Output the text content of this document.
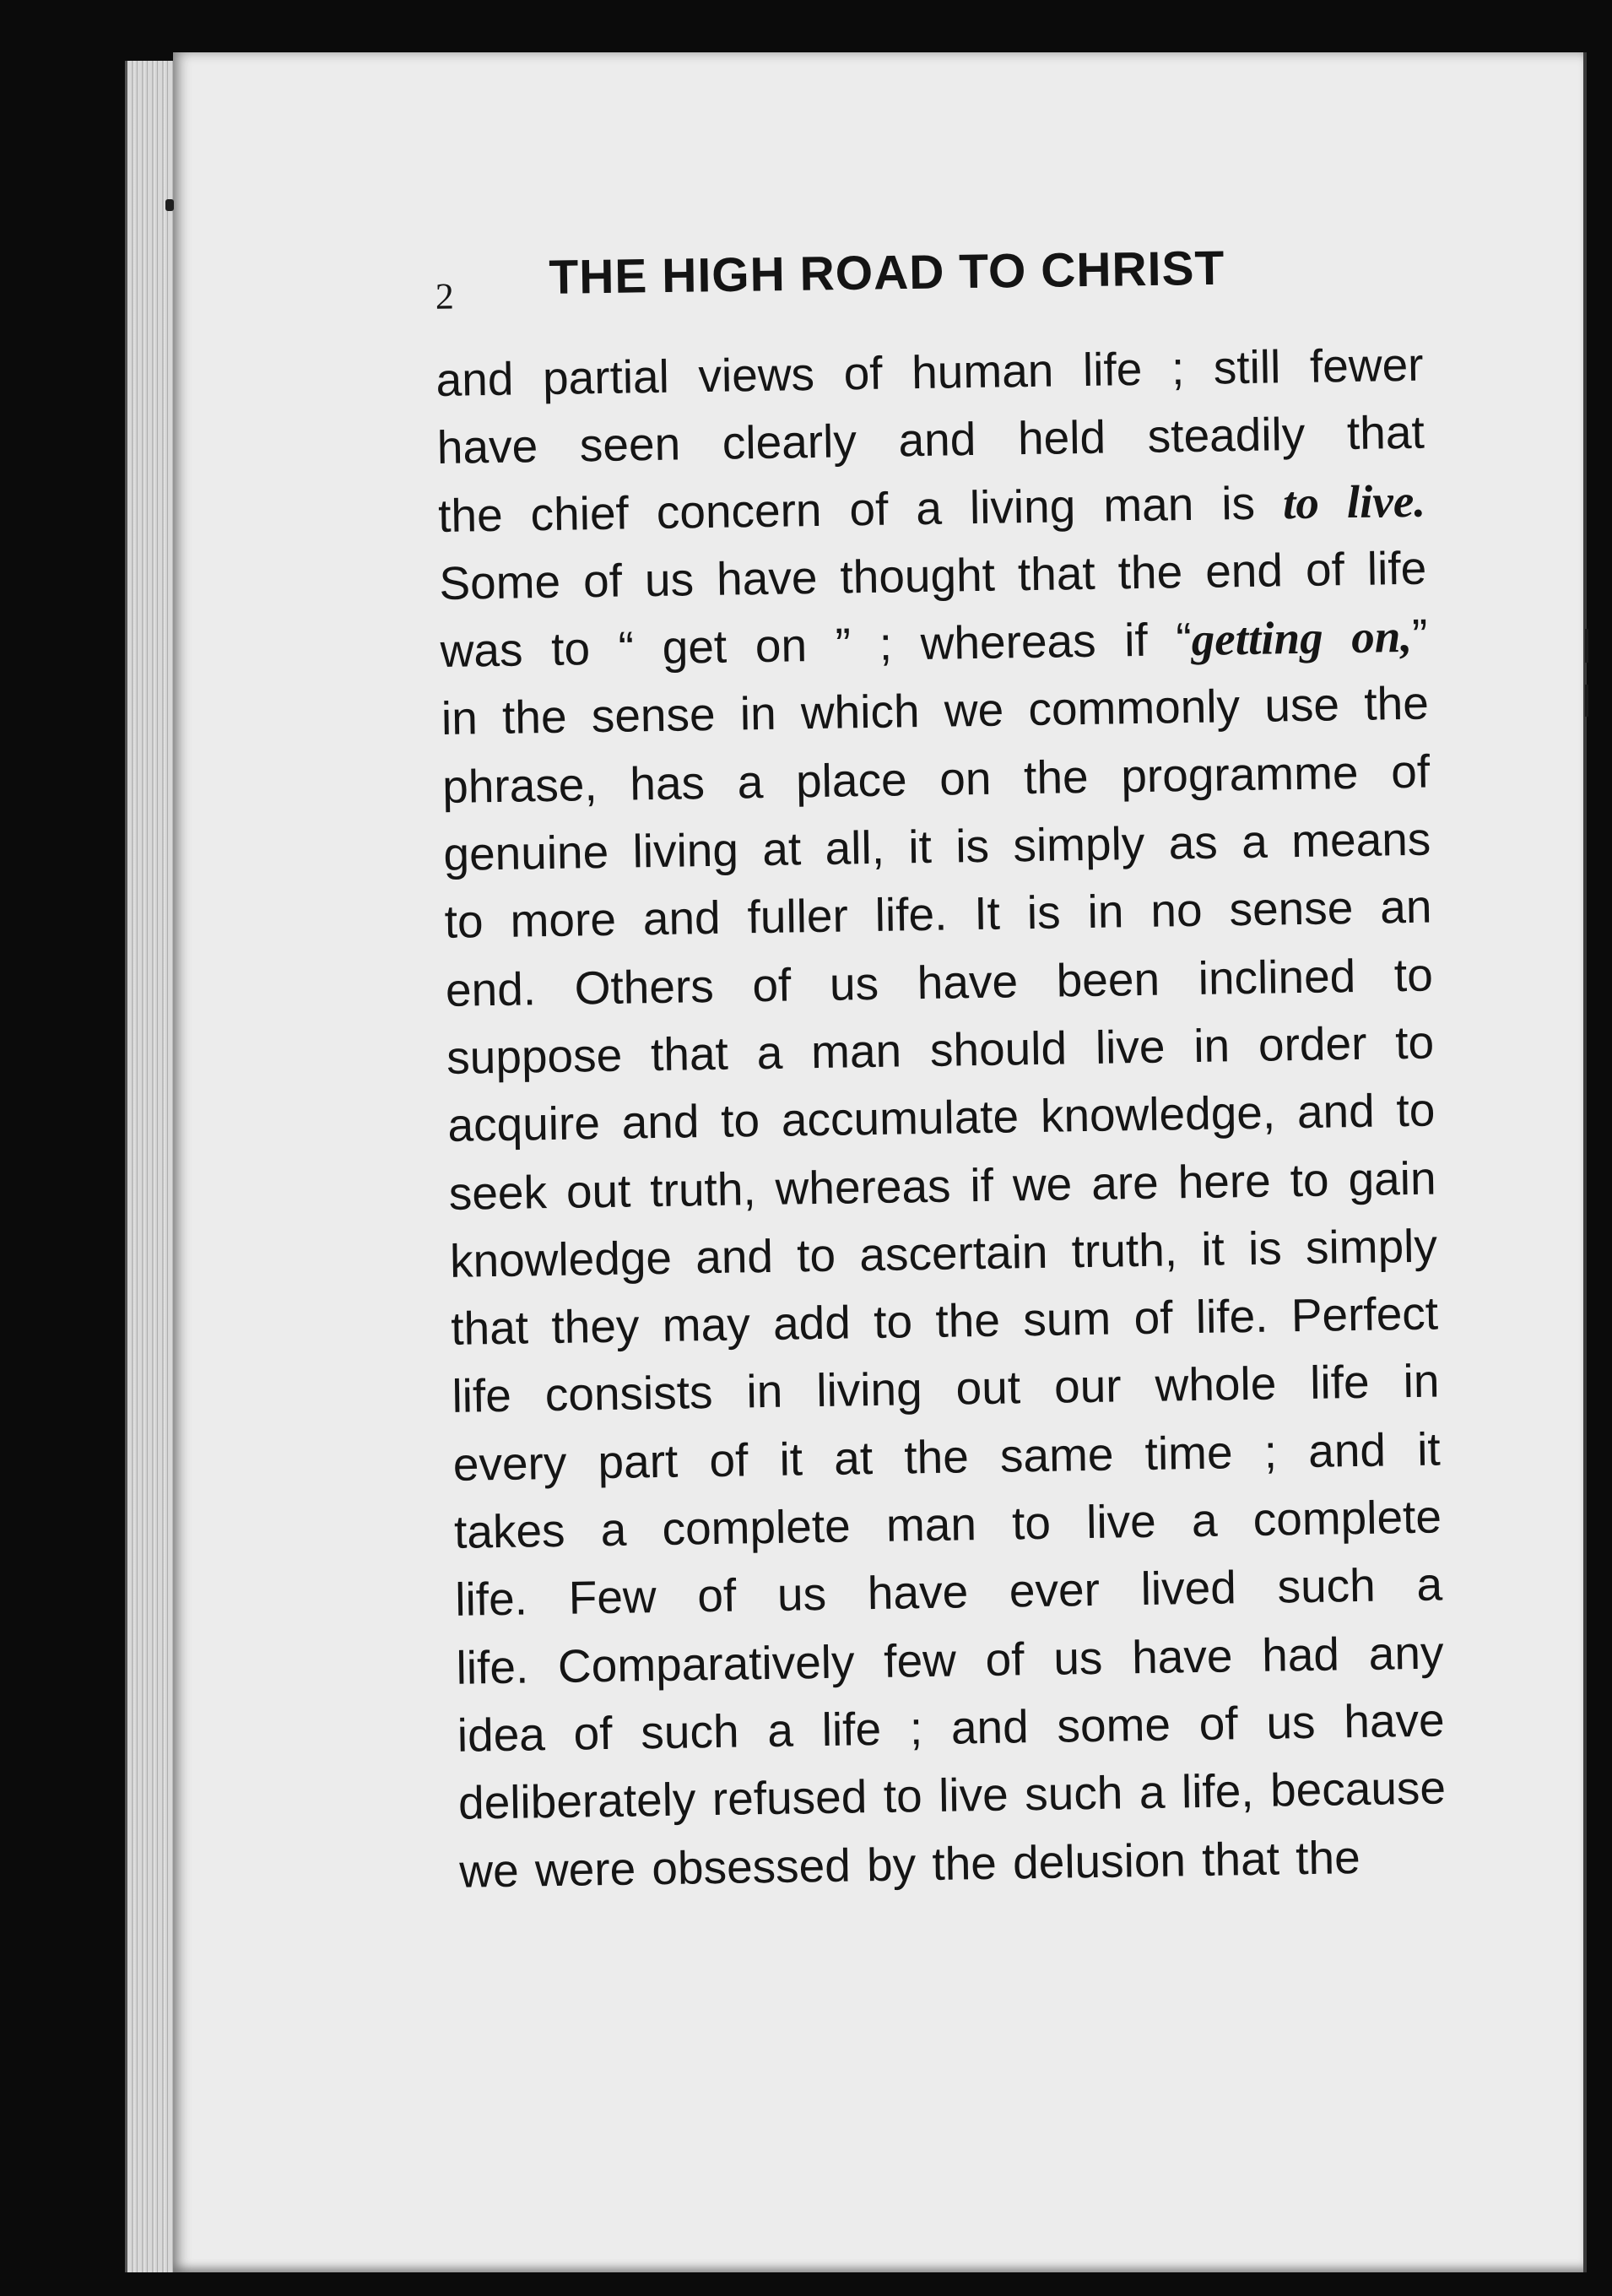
2 THE HIGH ROAD TO CHRIST
and partial views of human life ; still fewer
have seen clearly and held steadily that
the chief concern of a living man is to live.
Some of us have thought that the end of life
was to “ get on ” ; whereas if “getting on,”
in the sense in which we commonly use the
phrase, has a place on the programme of
genuine living at all, it is simply as a means
to more and fuller life. It is in no sense an
end. Others of us have been inclined to
suppose that a man should live in order to
acquire and to accumulate knowledge, and to
seek out truth, whereas if we are here to gain
knowledge and to ascertain truth, it is simply
that they may add to the sum of life. Perfect
life consists in living out our whole life in
every part of it at the same time ; and it
takes a complete man to live a complete
life. Few of us have ever lived such a
life. Comparatively few of us have had any
idea of such a life ; and some of us have
deliberately refused to live such a life, because
we were obsessed by the delusion that the
